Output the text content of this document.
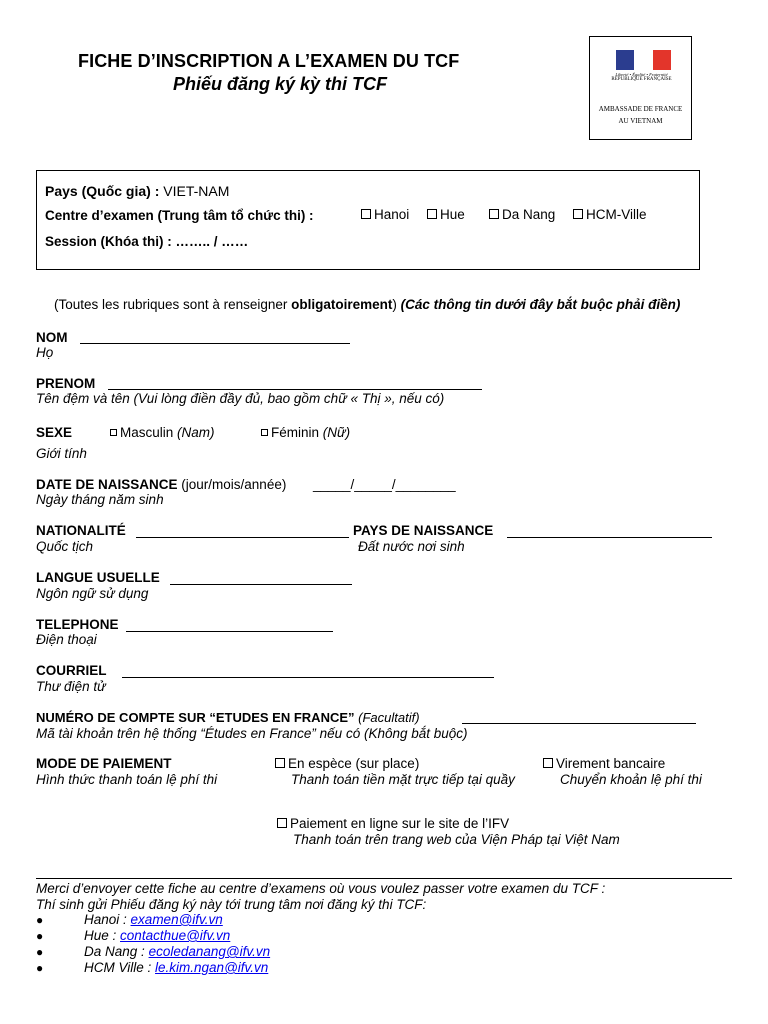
FICHE D’INSCRIPTION A L’EXAMEN DU TCF
Phiếu đăng ký kỳ thi TCF	Liberté • Égalité • Fraternité
RÉPUBLIQUE FRANÇAISE
AMBASSADE DE FRANCE
AU VIETNAM
Pays (Quốc gia) : VIET-NAM
Centre d’examen (Trung tâm tổ chức thi) :	Hanoi	Hue	Da Nang	HCM-Ville
Session (Khóa thi) : …….. / ……
(Toutes les rubriques sont à renseigner obligatoirement) (Các thông tin dưới đây bắt buộc phải điền)
NOM
Họ
PRENOM
Tên đệm và tên (Vui lòng điền đầy đủ, bao gồm chữ « Thị », nếu có)
SEXE	Masculin (Nam)	Féminin (Nữ)
Giới tính
DATE DE NAISSANCE (jour/mois/année) _____/_____/________
Ngày tháng năm sinh
NATIONALITÉ	PAYS DE NAISSANCE
Quốc tịch	Đất nước nơi sinh
LANGUE USUELLE
Ngôn ngữ sử dụng
TELEPHONE
Điện thoại
COURRIEL
Thư điện tử
NUMÉRO DE COMPTE SUR “ETUDES EN FRANCE” (Facultatif)
Mã tài khoản trên hệ thống “Études en France” nếu có (Không bắt buộc)
MODE DE PAIEMENT
Hình thức thanh toán lệ phí thi
En espèce (sur place)
Thanh toán tiền mặt trực tiếp tại quầy
Virement bancaire
Chuyển khoản lệ phí thi
Paiement en ligne sur le site de l’IFV
Thanh toán trên trang web của Viện Pháp tại Việt Nam
Merci d’envoyer cette fiche au centre d’examens où vous voulez passer votre examen du TCF :
Thí sinh gửi Phiếu đăng ký này tới trung tâm nơi đăng ký thi TCF:
●	Hanoi : examen@ifv.vn
●	Hue : contacthue@ifv.vn
●	Da Nang : ecoledanang@ifv.vn
●	HCM Ville : le.kim.ngan@ifv.vn
